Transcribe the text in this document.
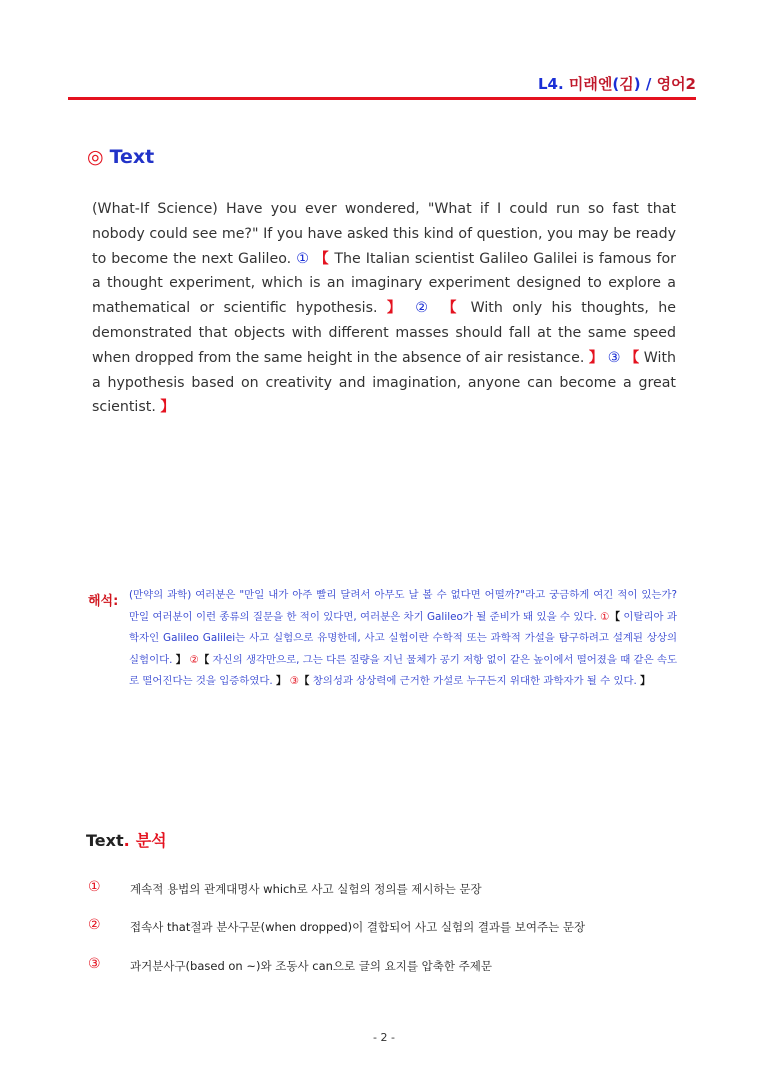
L4. 미래엔(김) / 영어2
◎ Text
(What-If Science) Have you ever wondered, "What if I could run so fast that nobody could see me?" If you have asked this kind of question, you may be ready to become the next Galileo. ① 【 The Italian scientist Galileo Galilei is famous for a thought experiment, which is an imaginary experiment designed to explore a mathematical or scientific hypothesis. 】 ② 【 With only his thoughts, he demonstrated that objects with different masses should fall at the same speed when dropped from the same height in the absence of air resistance. 】 ③ 【 With a hypothesis based on creativity and imagination, anyone can become a great scientist. 】
해석: (만약의 과학) 여러분은 "만일 내가 아주 빨리 달려서 아무도 날 볼 수 없다면 어떨까?"라고 궁금하게 여긴 적이 있는가? 만일 여러분이 이런 종류의 질문을 한 적이 있다면, 여러분은 차기 Galileo가 될 준비가 돼 있을 수 있다. ①【 이탈리아 과학자인 Galileo Galilei는 사고 실험으로 유명한데, 사고 실험이란 수학적 또는 과학적 가설을 탐구하려고 설계된 상상의 실험이다. 】 ②【 자신의 생각만으로, 그는 다른 질량을 지닌 물체가 공기 저항 없이 같은 높이에서 떨어졌을 때 같은 속도로 떨어진다는 것을 입증하였다. 】 ③【 창의성과 상상력에 근거한 가설로 누구든지 위대한 과학자가 될 수 있다. 】
Text. 분석
①	계속적 용법의 관계대명사 which로 사고 실험의 정의를 제시하는 문장
②	접속사 that절과 분사구문(when dropped)이 결합되어 사고 실험의 결과를 보여주는 문장
③	과거분사구(based on ~)와 조동사 can으로 글의 요지를 압축한 주제문
- 2 -
